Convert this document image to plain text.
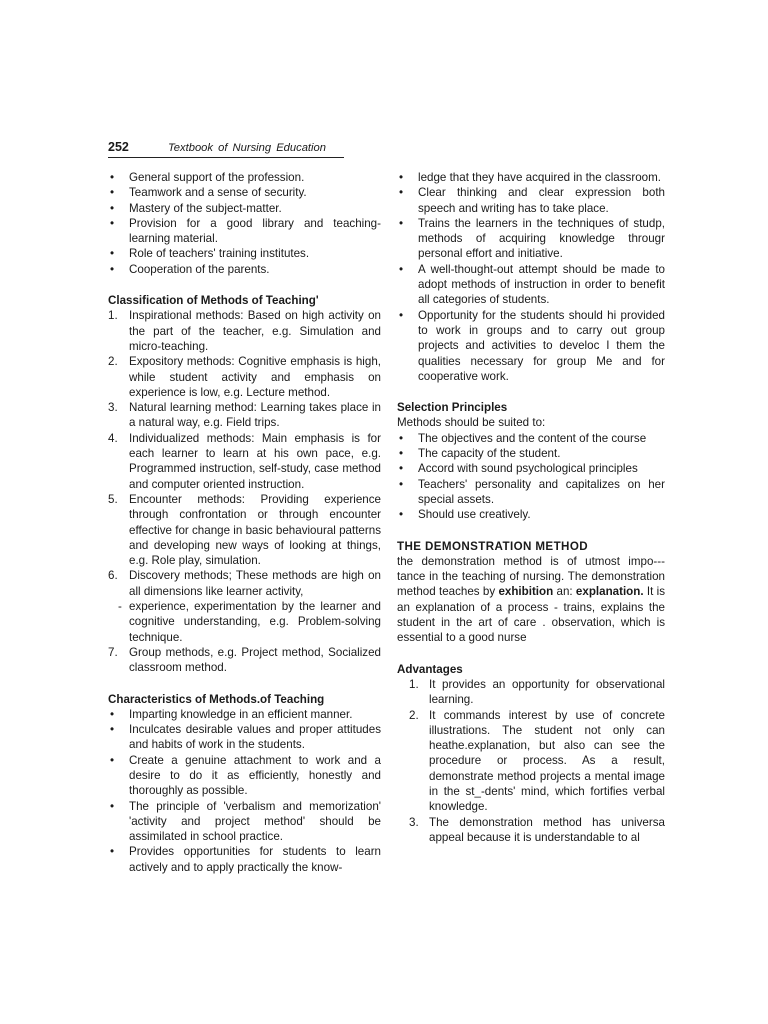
252	Textbook of Nursing Education
• General support of the profession.
• Teamwork and a sense of security.
• Mastery of the subject-matter.
• Provision for a good library and teaching-learning material.
• Role of teachers' training institutes.
• Cooperation of the parents.
Classification of Methods of Teaching'
1. Inspirational methods: Based on high activity on the part of the teacher, e.g. Simulation and micro-teaching.
2. Expository methods: Cognitive emphasis is high, while student activity and emphasis on experience is low, e.g. Lecture method.
3. Natural learning method: Learning takes place in a natural way, e.g. Field trips.
4. Individualized methods: Main emphasis is for each learner to learn at his own pace, e.g. Programmed instruction, self-study, case method and computer oriented instruction.
5. Encounter methods: Providing experience through confrontation or through encounter effective for change in basic behavioural patterns and developing new ways of looking at things, e.g. Role play, simulation.
6. Discovery methods; These methods are high on all dimensions like learner activity,
- experience, experimentation by the learner and cognitive understanding, e.g. Problem-solving technique.
7. Group methods, e.g. Project method, Socialized classroom method.
Characteristics of Methods.of Teaching
• Imparting knowledge in an efficient manner.
• Inculcates desirable values and proper attitudes and habits of work in the students.
• Create a genuine attachment to work and a desire to do it as efficiently, honestly and thoroughly as possible.
• The principle of 'verbalism and memorization' 'activity and project method' should be assimilated in school practice.
• Provides opportunities for students to learn actively and to apply practically the know-
• ledge that they have acquired in the classroom.
• Clear thinking and clear expression both speech and writing has to take place.
• Trains the learners in the techniques of studp, methods of acquiring knowledge througr personal effort and initiative.
• A well-thought-out attempt should be made to adopt methods of instruction in order to benefit all categories of students.
• Opportunity for the students should hi provided to work in groups and to carry out group projects and activities to develoc I them the qualities necessary for group Me and for cooperative work.
Selection Principles
Methods should be suited to:
• The objectives and the content of the course
• The capacity of the student.
• Accord with sound psychological principles
• Teachers' personality and capitalizes on her special assets.
• Should use creatively.
THE DEMONSTRATION METHOD
the demonstration method is of utmost impo--- tance in the teaching of nursing. The demonstration method teaches by exhibition an: explanation. It is an explanation of a process - trains, explains the student in the art of care . observation, which is essential to a good nurse
Advantages
1. It provides an opportunity for observational learning.
2. It commands interest by use of concrete illustrations. The student not only can heathe.explanation, but also can see the procedure or process. As a result, demonstrate method projects a mental image in the st_-dents' mind, which fortifies verbal knowledge.
3. The demonstration method has universa appeal because it is understandable to al
